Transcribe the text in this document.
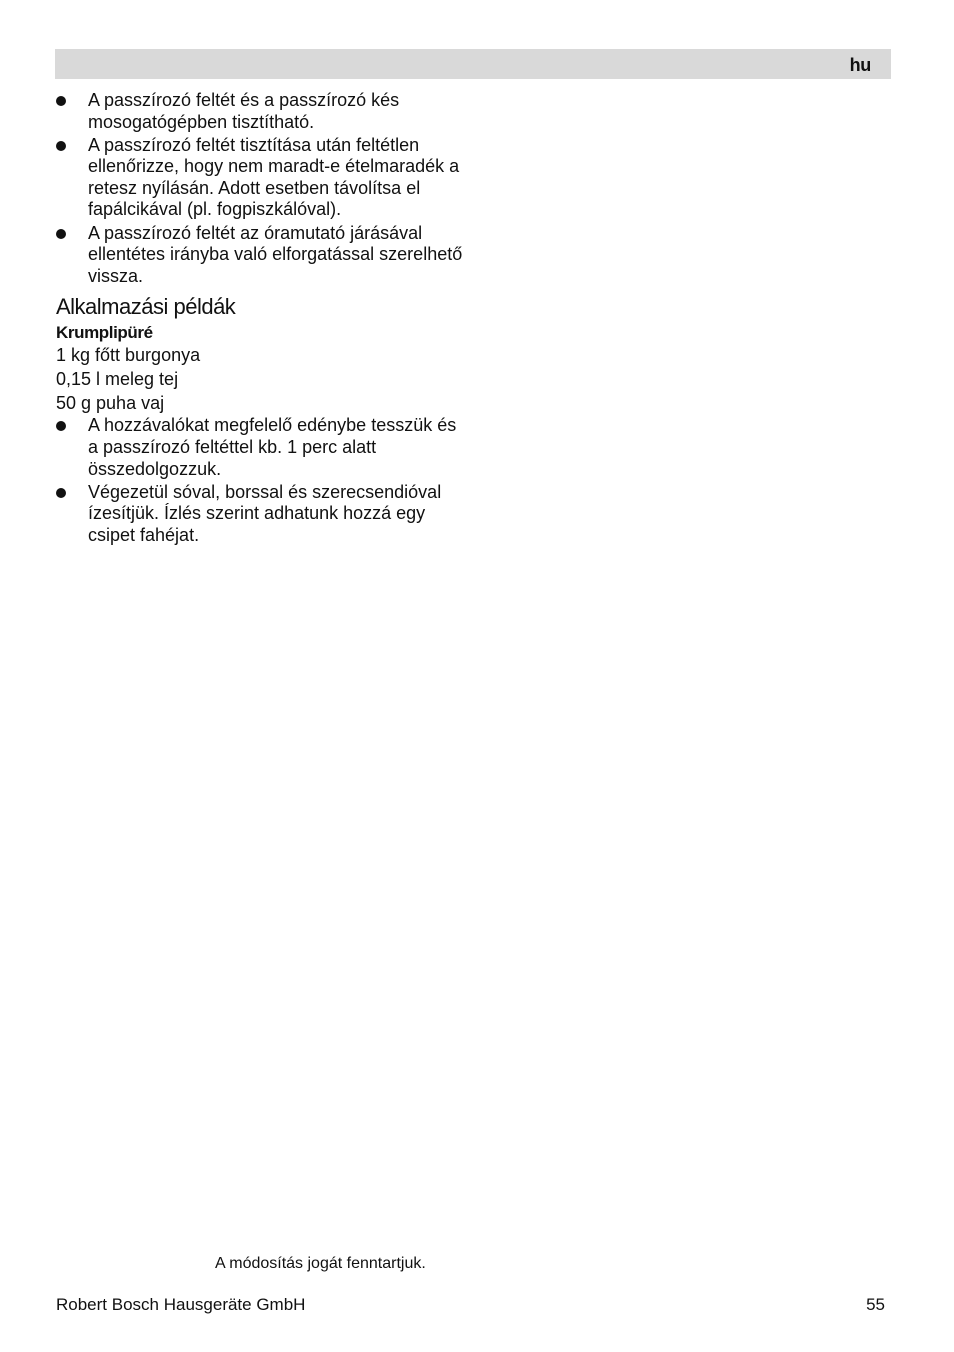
hu
A passzírozó feltét és a passzírozó kés mosogatógépben tisztítható.
A passzírozó feltét tisztítása után feltétlen ellenőrizze, hogy nem maradt-e ételmaradék a retesz nyílásán. Adott esetben távolítsa el fapálcikával (pl. fogpiszkálóval).
A passzírozó feltét az óramutató járásával ellentétes irányba való elforgatással szerelhető vissza.
Alkalmazási példák
Krumplipüré
1 kg főtt burgonya
0,15 l meleg tej
50 g puha vaj
A hozzávalókat megfelelő edénybe tesszük és a passzírozó feltéttel kb. 1 perc alatt összedolgozzuk.
Végezetül sóval, borssal és szerecsendióval ízesítjük. Ízlés szerint adhatunk hozzá egy csipet fahéjat.
A módosítás jogát fenntartjuk.
Robert Bosch Hausgeräte GmbH	55
